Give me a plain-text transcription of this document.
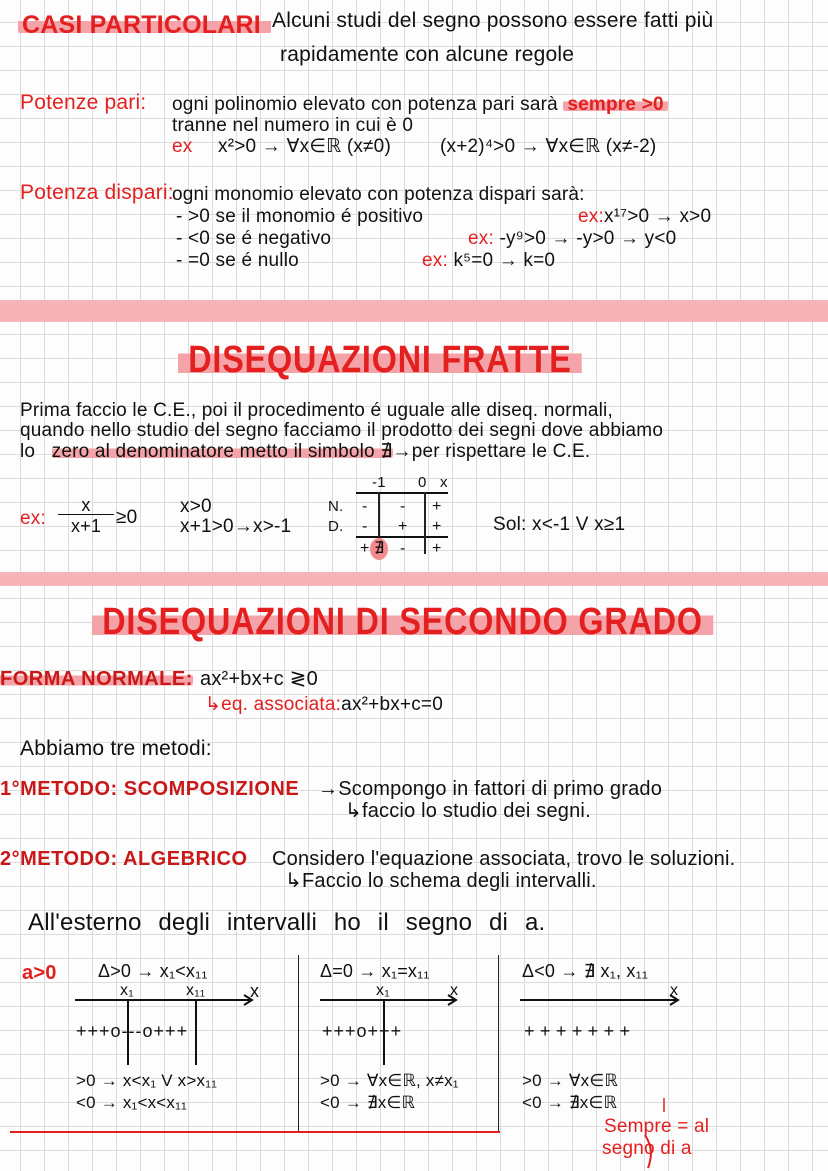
CASI PARTICOLARI Alcuni studi del segno possono essere fatti più
rapidamente con alcune regole
Potenze pari: ogni polinomio elevato con potenza pari sarà sempre >0
tranne nel numero in cui è 0
ex x²>0 → ∀x∈ℝ (x≠0)	(x+2)⁴>0 → ∀x∈ℝ (x≠-2)
Potenza dispari:
ogni monomio elevato con potenza dispari sarà:
- >0 se il monomio é positivo	ex:x¹⁷>0 → x>0
- <0 se é negativo	ex: -y⁹>0 → -y>0 → y<0
- =0 se é nullo	ex: k⁵=0 → k=0
DISEQUAZIONI FRATTE
Prima faccio le C.E., poi il procedimento é uguale alle diseq. normali,
quando nello studio del segno facciamo il prodotto dei segni dove abbiamo
lo zero al denominatore metto il simbolo ∄→per rispettare le C.E.
ex:
x
x+1 ≥0
x>0
x+1>0→x>-1
-1 0 x
N.
D.
- - +
- + +
+ ∄ - +
Sol: x<-1 V x≥1
DISEQUAZIONI DI SECONDO GRADO
FORMA NORMALE: ax²+bx+c ≷0
↳eq. associata:ax²+bx+c=0
Abbiamo tre metodi:
1°METODO: SCOMPOSIZIONE →Scompongo in fattori di primo grado
↳faccio lo studio dei segni.
2°METODO: ALGEBRICO Considero l'equazione associata, trovo le soluzioni.
↳Faccio lo schema degli intervalli.
All'esterno degli intervalli ho il segno di a.
a>0 Δ>0 → x₁<x₁₁
x₁	x₁₁ x
+++o---o+++
>0 → x<x₁ V x>x₁₁
<0 → x₁<x<x₁₁
Δ=0 → x₁=x₁₁
x₁	x
+++o+++
>0 → ∀x∈ℝ, x≠x₁
<0 → ∄x∈ℝ
Δ<0 → ∄ x₁, x₁₁
x
+ + + + + + +
>0 → ∀x∈ℝ
<0 → ∄x∈ℝ
Sempre = al
segno di a
